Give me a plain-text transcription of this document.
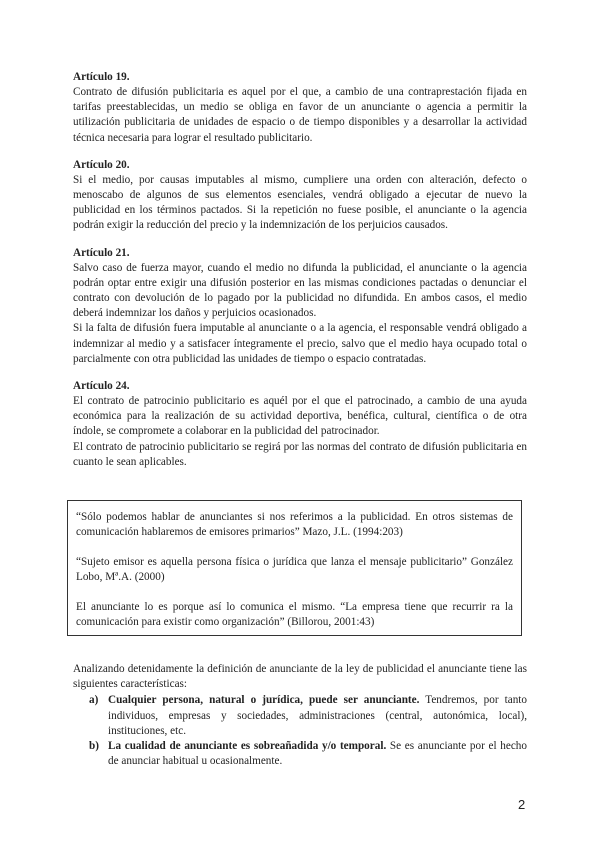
Artículo 19.

Contrato de difusión publicitaria es aquel por el que, a cambio de una contraprestación fijada en tarifas preestablecidas, un medio se obliga en favor de un anunciante o agencia a permitir la utilización publicitaria de unidades de espacio o de tiempo disponibles y a desarrollar la actividad técnica necesaria para lograr el resultado publicitario.

Artículo 20.

Si el medio, por causas imputables al mismo, cumpliere una orden con alteración, defecto o menoscabo de algunos de sus elementos esenciales, vendrá obligado a ejecutar de nuevo la publicidad en los términos pactados. Si la repetición no fuese posible, el anunciante o la agencia podrán exigir la reducción del precio y la indemnización de los perjuicios causados.

Artículo 21.

Salvo caso de fuerza mayor, cuando el medio no difunda la publicidad, el anunciante o la agencia podrán optar entre exigir una difusión posterior en las mismas condiciones pactadas o denunciar el contrato con devolución de lo pagado por la publicidad no difundida. En ambos casos, el medio deberá indemnizar los daños y perjuicios ocasionados.

Si la falta de difusión fuera imputable al anunciante o a la agencia, el responsable vendrá obligado a indemnizar al medio y a satisfacer íntegramente el precio, salvo que el medio haya ocupado total o parcialmente con otra publicidad las unidades de tiempo o espacio contratadas.

Artículo 24.

El contrato de patrocinio publicitario es aquél por el que el patrocinado, a cambio de una ayuda económica para la realización de su actividad deportiva, benéfica, cultural, científica o de otra índole, se compromete a colaborar en la publicidad del patrocinador.

El contrato de patrocinio publicitario se regirá por las normas del contrato de difusión publicitaria en cuanto le sean aplicables.

“Sólo podemos hablar de anunciantes si nos referimos a la publicidad. En otros sistemas de comunicación hablaremos de emisores primarios” Mazo, J.L. (1994:203)

“Sujeto emisor es aquella persona física o jurídica que lanza el mensaje publicitario” González Lobo, Mª.A. (2000)

El anunciante lo es porque así lo comunica el mismo. “La empresa tiene que recurrir ra la comunicación para existir como organización” (Billorou, 2001:43)

Analizando detenidamente la definición de anunciante de la ley de publicidad el anunciante tiene las siguientes características:

a) Cualquier persona, natural o jurídica, puede ser anunciante. Tendremos, por tanto individuos, empresas y sociedades, administraciones (central, autonómica, local), instituciones, etc.

b) La cualidad de anunciante es sobreañadida y/o temporal. Se es anunciante por el hecho de anunciar habitual u ocasionalmente.

2
